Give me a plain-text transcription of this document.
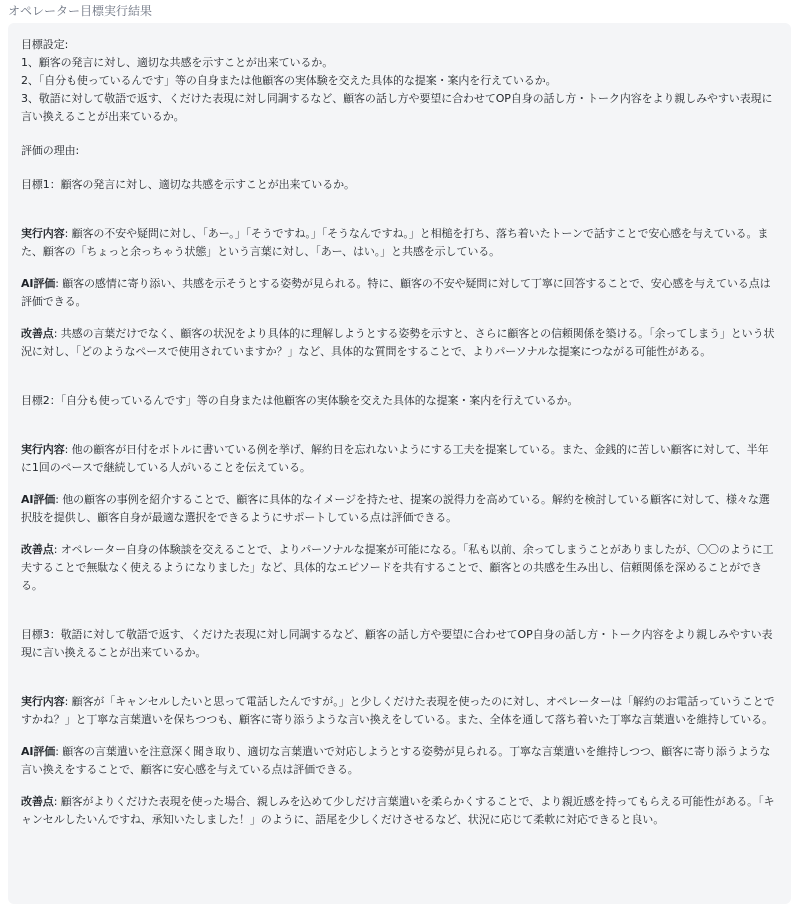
オペレーター目標実行結果

目標設定:

1、顧客の発言に対し、適切な共感を示すことが出来ているか。

2、「自分も使っているんです」等の自身または他顧客の実体験を交えた具体的な提案・案内を行えているか。

3、敬語に対して敬語で返す、くだけた表現に対し同調するなど、顧客の話し方や要望に合わせてOP自身の話し方・トーク内容をより親しみやすい表現に言い換えることが出来ているか。

評価の理由:

目標1：顧客の発言に対し、適切な共感を示すことが出来ているか。

実行内容: 顧客の不安や疑問に対し、「あー。」「そうですね。」「そうなんですね。」と相槌を打ち、落ち着いたトーンで話すことで安心感を与えている。また、顧客の「ちょっと余っちゃう状態」という言葉に対し、「あー、はい。」と共感を示している。

AI評価: 顧客の感情に寄り添い、共感を示そうとする姿勢が見られる。特に、顧客の不安や疑問に対して丁寧に回答することで、安心感を与えている点は評価できる。

改善点: 共感の言葉だけでなく、顧客の状況をより具体的に理解しようとする姿勢を示すと、さらに顧客との信頼関係を築ける。「余ってしまう」という状況に対し、「どのようなペースで使用されていますか？」など、具体的な質問をすることで、よりパーソナルな提案につながる可能性がある。

目標2：「自分も使っているんです」等の自身または他顧客の実体験を交えた具体的な提案・案内を行えているか。

実行内容: 他の顧客が日付をボトルに書いている例を挙げ、解約日を忘れないようにする工夫を提案している。また、金銭的に苦しい顧客に対して、半年に1回のペースで継続している人がいることを伝えている。

AI評価: 他の顧客の事例を紹介することで、顧客に具体的なイメージを持たせ、提案の説得力を高めている。解約を検討している顧客に対して、様々な選択肢を提供し、顧客自身が最適な選択をできるようにサポートしている点は評価できる。

改善点: オペレーター自身の体験談を交えることで、よりパーソナルな提案が可能になる。「私も以前、余ってしまうことがありましたが、〇〇のように工夫することで無駄なく使えるようになりました」など、具体的なエピソードを共有することで、顧客との共感を生み出し、信頼関係を深めることができる。

目標3：敬語に対して敬語で返す、くだけた表現に対し同調するなど、顧客の話し方や要望に合わせてOP自身の話し方・トーク内容をより親しみやすい表現に言い換えることが出来ているか。

実行内容: 顧客が「キャンセルしたいと思って電話したんですが。」と少しくだけた表現を使ったのに対し、オペレーターは「解約のお電話っていうことですかね？」と丁寧な言葉遣いを保ちつつも、顧客に寄り添うような言い換えをしている。また、全体を通して落ち着いた丁寧な言葉遣いを維持している。

AI評価: 顧客の言葉遣いを注意深く聞き取り、適切な言葉遣いで対応しようとする姿勢が見られる。丁寧な言葉遣いを維持しつつ、顧客に寄り添うような言い換えをすることで、顧客に安心感を与えている点は評価できる。

改善点: 顧客がよりくだけた表現を使った場合、親しみを込めて少しだけ言葉遣いを柔らかくすることで、より親近感を持ってもらえる可能性がある。「キャンセルしたいんですね、承知いたしました！」のように、語尾を少しくだけさせるなど、状況に応じて柔軟に対応できると良い。
